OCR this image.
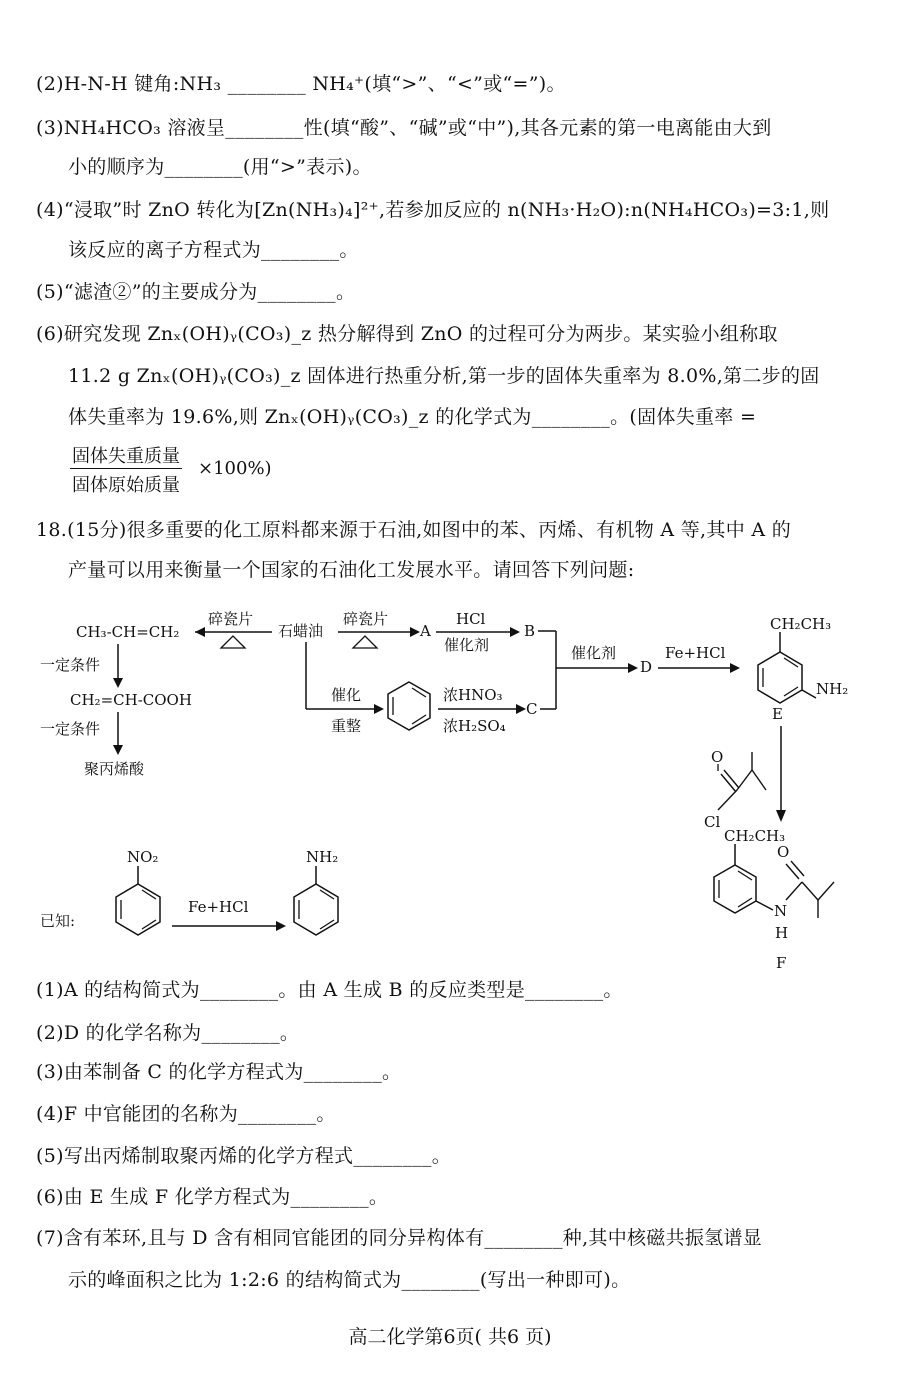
(2)H-N-H 键角:NH₃ ________ NH₄⁺(填“>”、“<”或“=”)。
(3)NH₄HCO₃ 溶液呈________性(填“酸”、“碱”或“中”),其各元素的第一电离能由大到
小的顺序为________(用“>”表示)。
(4)“浸取”时 ZnO 转化为[Zn(NH₃)₄]²⁺,若参加反应的 n(NH₃·H₂O):n(NH₄HCO₃)=3:1,则
该反应的离子方程式为________。
(5)“滤渣②”的主要成分为________。
(6)研究发现 Znₓ(OH)ᵧ(CO₃)_z 热分解得到 ZnO 的过程可分为两步。某实验小组称取
11.2 g Znₓ(OH)ᵧ(CO₃)_z 固体进行热重分析,第一步的固体失重率为 8.0%,第二步的固
体失重率为 19.6%,则 Znₓ(OH)ᵧ(CO₃)_z 的化学式为________。(固体失重率 =
固体失重质量
固体原始质量
×100%)
18.(15分)很多重要的化工原料都来源于石油,如图中的苯、丙烯、有机物 A 等,其中 A 的
产量可以用来衡量一个国家的石油化工发展水平。请回答下列问题:
CH₃-CH=CH₂
一定条件
CH₂=CH-COOH
一定条件
聚丙烯酸
碎瓷片
石蜡油
碎瓷片
A
HCl
催化剂
B
催化剂
D
Fe+HCl
CH₂CH₃
NH₂
E
催化
重整
浓HNO₃
浓H₂SO₄
C
O
Cl
CH₂CH₃
O
N
H
F
已知:
NO₂
Fe+HCl
NH₂
(1)A 的结构简式为________。由 A 生成 B 的反应类型是________。
(2)D 的化学名称为________。
(3)由苯制备 C 的化学方程式为________。
(4)F 中官能团的名称为________。
(5)写出丙烯制取聚丙烯的化学方程式________。
(6)由 E 生成 F 化学方程式为________。
(7)含有苯环,且与 D 含有相同官能团的同分异构体有________种,其中核磁共振氢谱显
示的峰面积之比为 1:2:6 的结构简式为________(写出一种即可)。
高二化学第6页( 共6 页)
